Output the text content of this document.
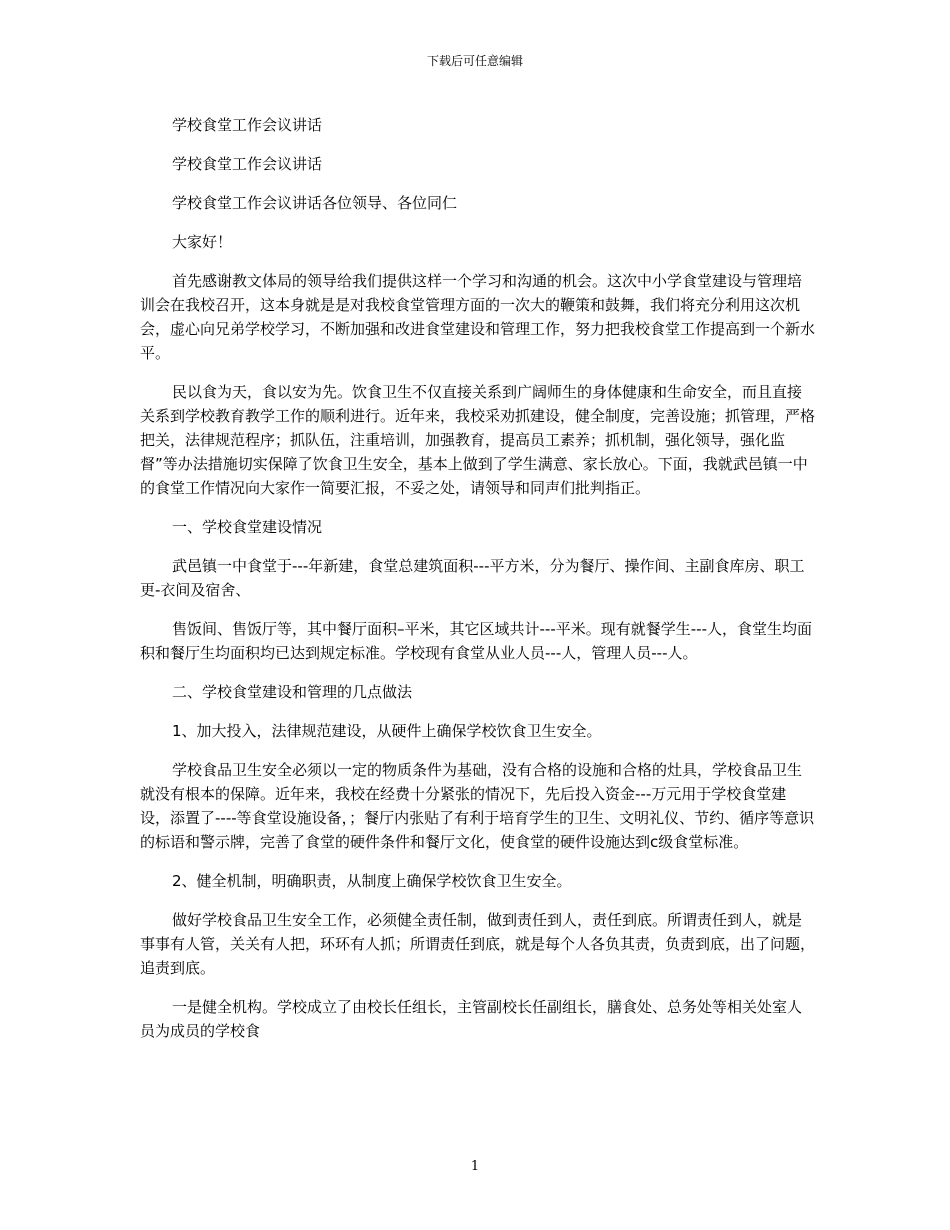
下载后可任意编辑

学校食堂工作会议讲话

学校食堂工作会议讲话

学校食堂工作会议讲话各位领导、各位同仁

大家好！

首先感谢教文体局的领导给我们提供这样一个学习和沟通的机会。这次中小学食堂建设与管理培训会在我校召开，这本身就是是对我校食堂管理方面的一次大的鞭策和鼓舞，我们将充分利用这次机会，虚心向兄弟学校学习，不断加强和改进食堂建设和管理工作，努力把我校食堂工作提高到一个新水平。

民以食为天，食以安为先。饮食卫生不仅直接关系到广阔师生的身体健康和生命安全，而且直接关系到学校教育教学工作的顺利进行。近年来，我校采劝抓建设，健全制度，完善设施；抓管理，严格把关，法律规范程序；抓队伍，注重培训，加强教育，提高员工素养；抓机制，强化领导，强化监督”等办法措施切实保障了饮食卫生安全，基本上做到了学生满意、家长放心。下面，我就武邑镇一中的食堂工作情况向大家作一简要汇报，不妥之处，请领导和同声们批判指正。

一、学校食堂建设情况

武邑镇一中食堂于---年新建，食堂总建筑面积---平方米，分为餐厅、操作间、主副食库房、职工更-衣间及宿舍、

售饭间、售饭厅等，其中餐厅面积–平米，其它区域共计---平米。现有就餐学生---人，食堂生均面积和餐厅生均面积均已达到规定标准。学校现有食堂从业人员---人，管理人员---人。

二、学校食堂建设和管理的几点做法

1、加大投入，法律规范建设，从硬件上确保学校饮食卫生安全。

学校食品卫生安全必须以一定的物质条件为基础，没有合格的设施和合格的灶具，学校食品卫生就没有根本的保障。近年来，我校在经费十分紧张的情况下，先后投入资金---万元用于学校食堂建设，添置了----等食堂设施设备，；餐厅内张贴了有利于培育学生的卫生、文明礼仪、节约、循序等意识的标语和警示牌，完善了食堂的硬件条件和餐厅文化，使食堂的硬件设施达到c级食堂标准。

2、健全机制，明确职责，从制度上确保学校饮食卫生安全。

做好学校食品卫生安全工作，必须健全责任制，做到责任到人，责任到底。所谓责任到人，就是事事有人管，关关有人把，环环有人抓；所谓责任到底，就是每个人各负其责，负责到底，出了问题，追责到底。

一是健全机构。学校成立了由校长任组长，主管副校长任副组长，膳食处、总务处等相关处室人员为成员的学校食

1
